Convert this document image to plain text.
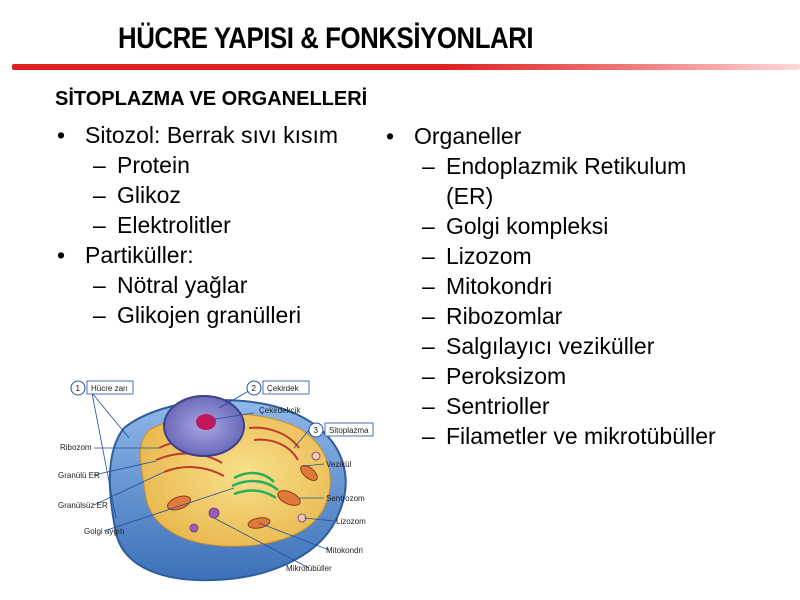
HÜCRE YAPISI & FONKSİYONLARI
SİTOPLAZMA VE ORGANELLERİ
• Sitozol: Berrak sıvı kısım
– Protein
– Glikoz
– Elektrolitler
• Partiküller:
– Nötral yağlar
– Glikojen granülleri
• Organeller
– Endoplazmik Retikulum
(ER)
– Golgi kompleksi
– Lizozom
– Mitokondri
– Ribozomlar
– Salgılayıcı veziküller
– Peroksizom
– Sentrioller
– Filametler ve mikrotübüller
1 Hücre zarı	2 Çekirdek
3 Sitoplazma
Çekirdekçik
Ribozom
Granülü ER
Granülsüz ER
Golgi aygıtı
Vezikül
Sentrozom
Lizozom
Mitokondri
Mikrotübüller
